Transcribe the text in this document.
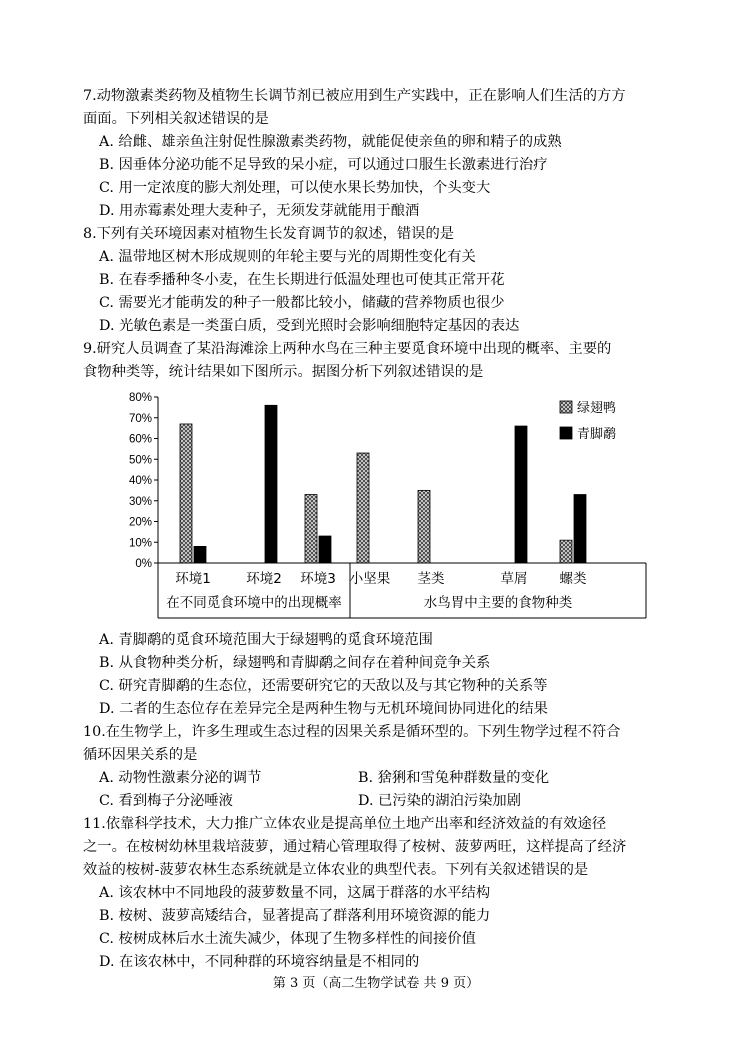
7.动物激素类药物及植物生长调节剂已被应用到生产实践中，正在影响人们生活的方方
面面。下列相关叙述错误的是
A. 给雌、雄亲鱼注射促性腺激素类药物，就能促使亲鱼的卵和精子的成熟
B. 因垂体分泌功能不足导致的呆小症，可以通过口服生长激素进行治疗
C. 用一定浓度的膨大剂处理，可以使水果长势加快，个头变大
D. 用赤霉素处理大麦种子，无须发芽就能用于酿酒
8.下列有关环境因素对植物生长发育调节的叙述，错误的是
A. 温带地区树木形成规则的年轮主要与光的周期性变化有关
B. 在春季播种冬小麦，在生长期进行低温处理也可使其正常开花
C. 需要光才能萌发的种子一般都比较小，储藏的营养物质也很少
D. 光敏色素是一类蛋白质，受到光照时会影响细胞特定基因的表达
9.研究人员调查了某沿海滩涂上两种水鸟在三种主要觅食环境中出现的概率、主要的
食物种类等，统计结果如下图所示。据图分析下列叙述错误的是
0%
10%
20%
30%
40%
50%
60%
70%
80%
环境1	环境2 环境3 小坚果 茎类	草屑 螺类
在不同觅食环境中的出现概率	水鸟胃中主要的食物种类
绿翅鸭
青脚鹬
A. 青脚鹬的觅食环境范围大于绿翅鸭的觅食环境范围
B. 从食物种类分析，绿翅鸭和青脚鹬之间存在着种间竞争关系
C. 研究青脚鹬的生态位，还需要研究它的天敌以及与其它物种的关系等
D. 二者的生态位存在差异完全是两种生物与无机环境间协同进化的结果
10.在生物学上，许多生理或生态过程的因果关系是循环型的。下列生物学过程不符合
循环因果关系的是
A. 动物性激素分泌的调节	B. 猞猁和雪兔种群数量的变化
C. 看到梅子分泌唾液	D. 已污染的湖泊污染加剧
11.依靠科学技术，大力推广立体农业是提高单位土地产出率和经济效益的有效途径
之一。在桉树幼林里栽培菠萝，通过精心管理取得了桉树、菠萝两旺，这样提高了经济
效益的桉树-菠萝农林生态系统就是立体农业的典型代表。下列有关叙述错误的是
A. 该农林中不同地段的菠萝数量不同，这属于群落的水平结构
B. 桉树、菠萝高矮结合，显著提高了群落利用环境资源的能力
C. 桉树成林后水土流失减少，体现了生物多样性的间接价值
D. 在该农林中，不同种群的环境容纳量是不相同的
第 3 页（高二生物学试卷 共 9 页）
